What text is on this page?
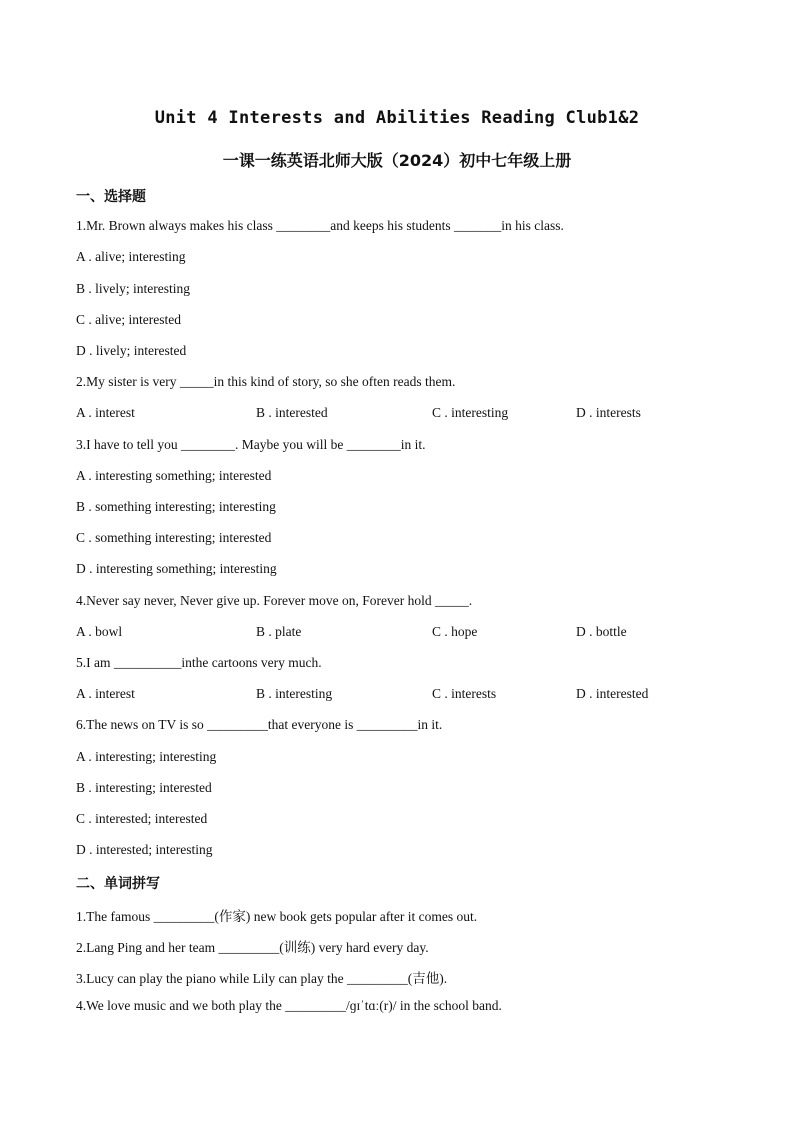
Unit 4 Interests and Abilities Reading Club1&2
一课一练英语北师大版（2024）初中七年级上册
一、选择题
1.Mr. Brown always makes his class ________and keeps his students _______in his class.
A . alive; interesting
B . lively; interesting
C . alive; interested
D . lively; interested
2.My sister is very _____in this kind of story, so she often reads them.
A . interest	B . interested	C . interesting	D . interests
3.I have to tell you ________. Maybe you will be ________in it.
A . interesting something; interested
B . something interesting; interesting
C . something interesting; interested
D . interesting something; interesting
4.Never say never, Never give up. Forever move on, Forever hold _____.
A . bowl	B . plate	C . hope	D . bottle
5.I am __________inthe cartoons very much.
A . interest	B . interesting	C . interests	D . interested
6.The news on TV is so _________that everyone is _________in it.
A . interesting; interesting
B . interesting; interested
C . interested; interested
D . interested; interesting
二、单词拼写
1.The famous _________(作家) new book gets popular after it comes out.
2.Lang Ping and her team _________(训练) very hard every day.
3.Lucy can play the piano while Lily can play the _________(吉他).
4.We love music and we both play the _________/ɡɪˈtɑː(r)/ in the school band.
